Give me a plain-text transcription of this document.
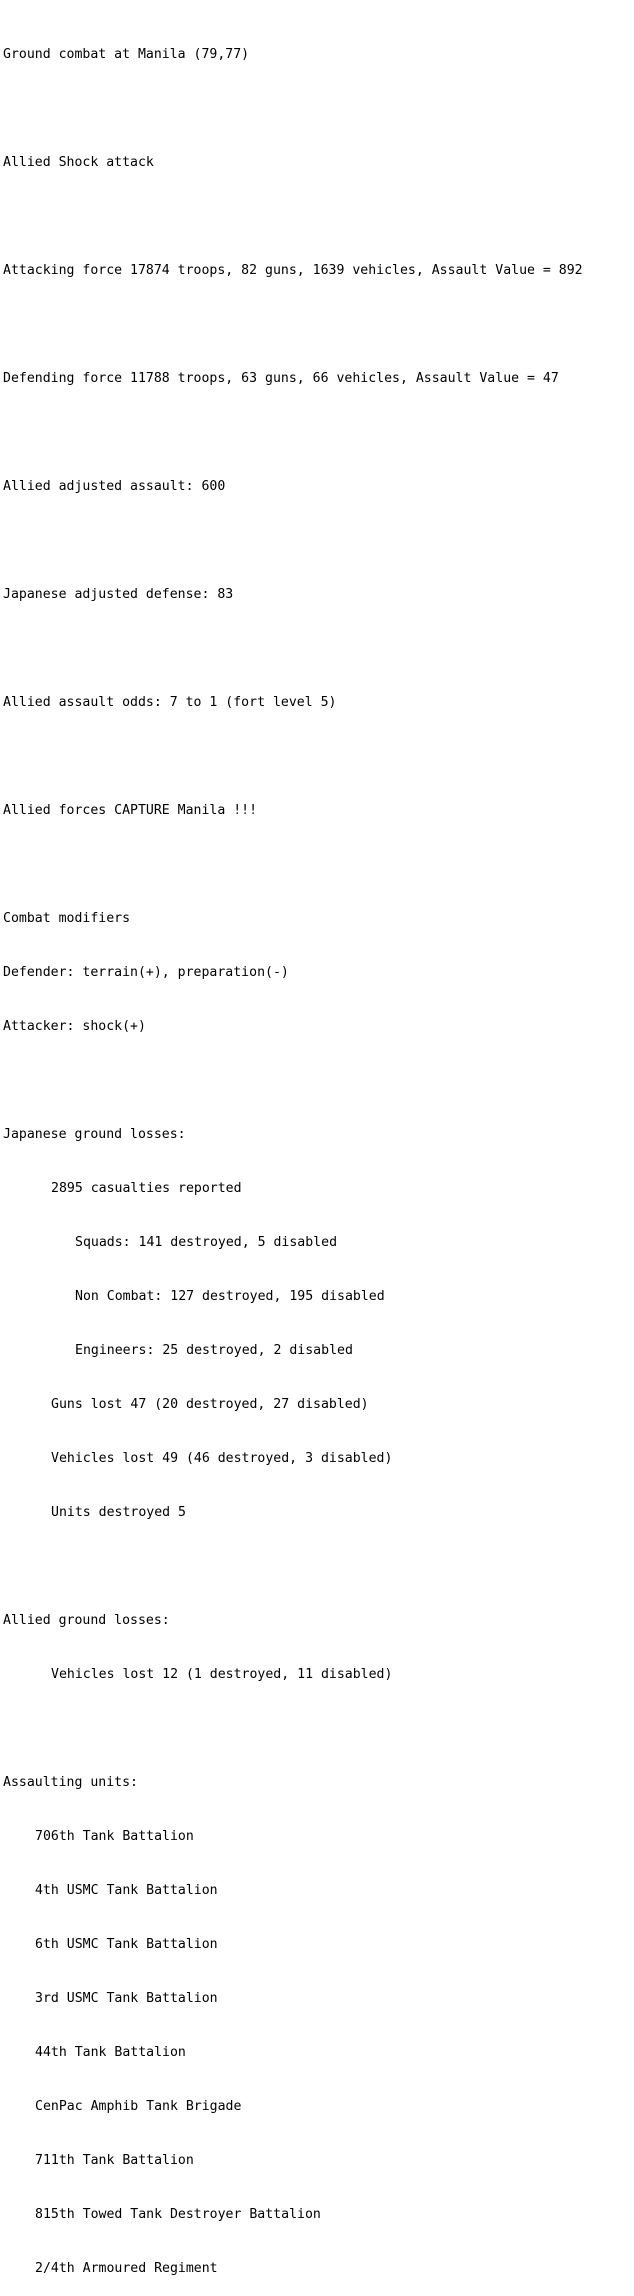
Ground combat at Manila (79,77)

Allied Shock attack

Attacking force 17874 troops, 82 guns, 1639 vehicles, Assault Value = 892

Defending force 11788 troops, 63 guns, 66 vehicles, Assault Value = 47

Allied adjusted assault: 600

Japanese adjusted defense: 83

Allied assault odds: 7 to 1 (fort level 5)

Allied forces CAPTURE Manila !!!

Combat modifiers

Defender: terrain(+), preparation(-)

Attacker: shock(+)

Japanese ground losses:

2895 casualties reported

Squads: 141 destroyed, 5 disabled

Non Combat: 127 destroyed, 195 disabled

Engineers: 25 destroyed, 2 disabled

Guns lost 47 (20 destroyed, 27 disabled)

Vehicles lost 49 (46 destroyed, 3 disabled)

Units destroyed 5

Allied ground losses:

Vehicles lost 12 (1 destroyed, 11 disabled)

Assaulting units:

706th Tank Battalion

4th USMC Tank Battalion

6th USMC Tank Battalion

3rd USMC Tank Battalion

44th Tank Battalion

CenPac Amphib Tank Brigade

711th Tank Battalion

815th Towed Tank Destroyer Battalion

2/4th Armoured Regiment
